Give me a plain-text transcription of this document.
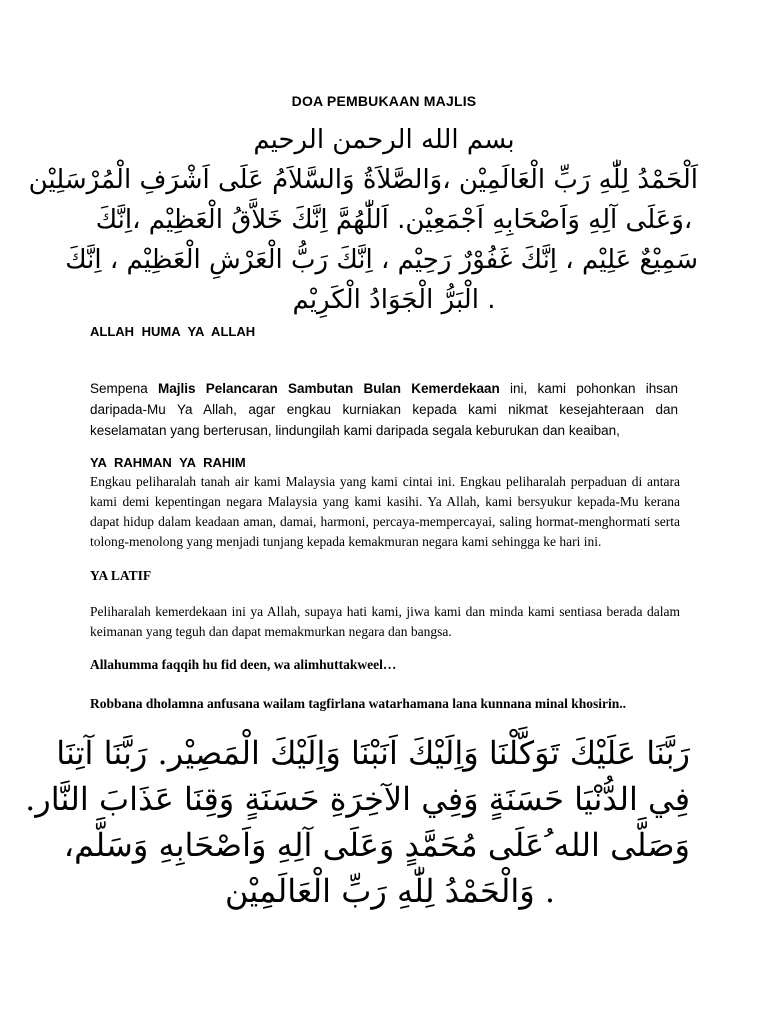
DOA PEMBUKAAN MAJLIS
بسم الله الرحمن الرحيم
اَلْحَمْدُ لِلّٰهِ رَبِّ الْعَالَمِيْن ،وَالصَّلاَةُ وَالسَّلاَمُ عَلَى اَشْرَفِ الْمُرْسَلِيْن
،وَعَلَى آلِهِ وَاَصْحَابِهِ اَجْمَعِيْن. اَللّٰهُمَّ اِنَّكَ خَلاَّقُ الْعَظِيْم ،اِنَّكَ
سَمِيْعٌ عَلِيْم ، اِنَّكَ غَفُوْرٌ رَحِيْم ، اِنَّكَ رَبُّ الْعَرْشِ الْعَظِيْم ، اِنَّكَ
. الْبَرُّ الْجَوَادُ الْكَرِيْم
ALLAH HUMA YA ALLAH
Sempena Majlis Pelancaran Sambutan Bulan Kemerdekaan ini, kami pohonkan ihsan daripada-Mu Ya Allah, agar engkau kurniakan kepada kami nikmat kesejahteraan dan keselamatan yang berterusan, lindungilah kami daripada segala keburukan dan keaiban,
YA RAHMAN YA RAHIM
Engkau peliharalah tanah air kami Malaysia yang kami cintai ini. Engkau peliharalah perpaduan di antara kami demi kepentingan negara Malaysia yang kami kasihi. Ya Allah, kami bersyukur kepada-Mu kerana dapat hidup dalam keadaan aman, damai, harmoni, percaya-mempercayai, saling hormat-menghormati serta tolong-menolong yang menjadi tunjang kepada kemakmuran negara kami sehingga ke hari ini.
YA LATIF
Peliharalah kemerdekaan ini ya Allah, supaya hati kami, jiwa kami dan minda kami sentiasa berada dalam keimanan yang teguh dan dapat memakmurkan negara dan bangsa.
Allahumma faqqih hu fid deen, wa alimhuttakweel…
Robbana dholamna anfusana wailam tagfirlana watarhamana lana kunnana minal khosirin..
رَبَّنَا عَلَيْكَ تَوَكَّلْنَا وَاِلَيْكَ اَنَبْنَا وَاِلَيْكَ الْمَصِيْر. رَبَّنَا آتِنَا
فِي الدُّنْيَا حَسَنَةٍ وَفِي الآخِرَةِ حَسَنَةٍ وَقِنَا عَذَابَ النَّار.
وَصَلَّى الله ُعَلَى مُحَمَّدٍ وَعَلَى آلِهِ وَاَصْحَابِهِ وَسَلَّم،
. وَالْحَمْدُ لِلّٰهِ رَبِّ الْعَالَمِيْن
